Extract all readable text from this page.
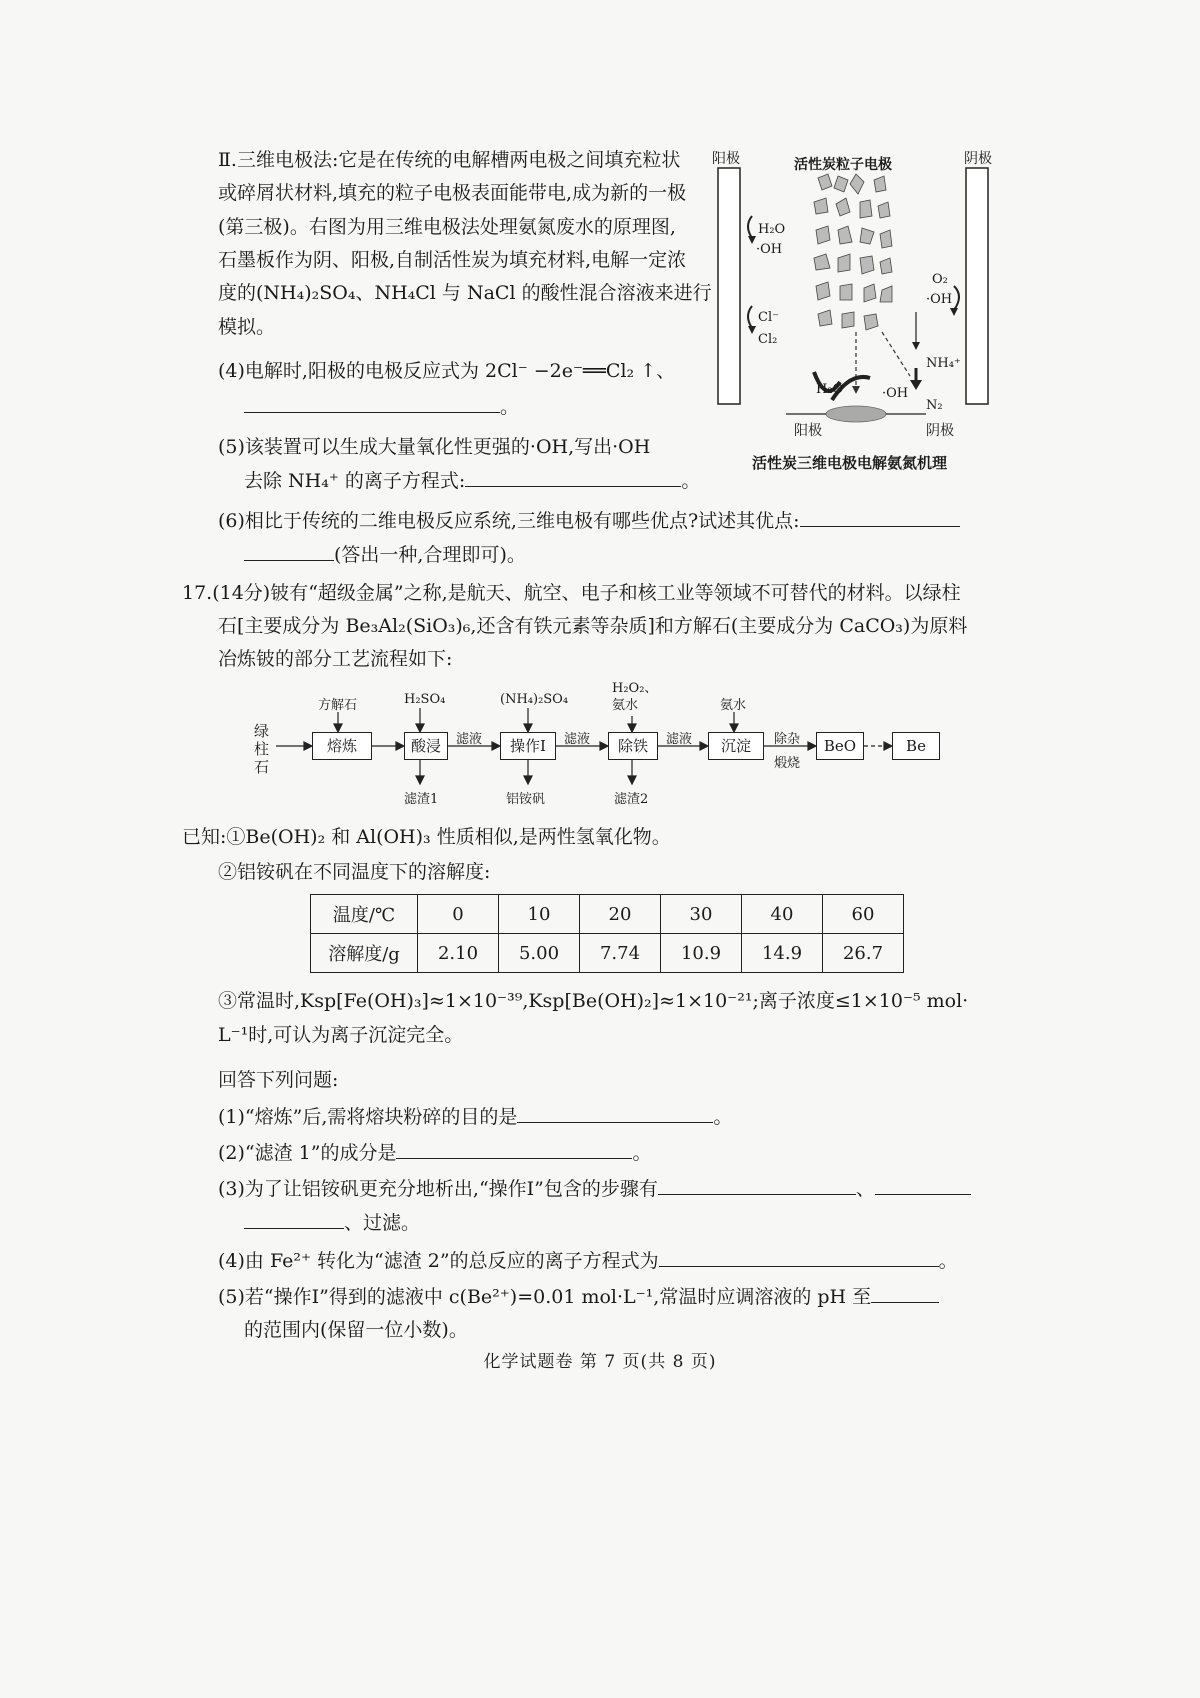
Ⅱ.三维电极法:它是在传统的电解槽两电极之间填充粒状
或碎屑状材料,填充的粒子电极表面能带电,成为新的一极
(第三极)。右图为用三维电极法处理氨氮废水的原理图,
石墨板作为阴、阳极,自制活性炭为填充材料,电解一定浓
度的(NH₄)₂SO₄、NH₄Cl 与 NaCl 的酸性混合溶液来进行
模拟。
(4)电解时,阳极的电极反应式为 2Cl⁻ −2e⁻══Cl₂ ↑、
。
(5)该装置可以生成大量氧化性更强的·OH,写出·OH
去除 NH₄⁺ 的离子方程式:	。
(6)相比于传统的二维电极反应系统,三维电极有哪些优点?试述其优点:
(答出一种,合理即可)。
阳极	阴极
活性炭粒子电极
H₂O
·OH
Cl⁻
Cl₂
O₂
·OH
NH₄⁺
N₂
H₂O	·OH
阳极	阴极
活性炭三维电极电解氨氮机理
17.(14分)铍有“超级金属”之称,是航天、航空、电子和核工业等领域不可替代的材料。以绿柱
石[主要成分为 Be₃Al₂(SiO₃)₆,还含有铁元素等杂质]和方解石(主要成分为 CaCO₃)为原料
冶炼铍的部分工艺流程如下:
绿柱石
熔炼	酸浸	操作Ⅰ	除铁	沉淀	BeO	Be
方解石	H₂SO₄	(NH₄)₂SO₄
H₂O₂、氨水	氨水
滤液	滤液	滤液	除杂
煅烧
滤渣1	铝铵矾	滤渣2
已知:①Be(OH)₂ 和 Al(OH)₃ 性质相似,是两性氢氧化物。
②铝铵矾在不同温度下的溶解度:
温度/℃	0	10	20	30	40	60
溶解度/g	2.10	5.00	7.74	10.9	14.9	26.7
③常温时,Ksp[Fe(OH)₃]≈1×10⁻³⁹,Ksp[Be(OH)₂]≈1×10⁻²¹;离子浓度≤1×10⁻⁵ mol·
L⁻¹时,可认为离子沉淀完全。
回答下列问题:
(1)“熔炼”后,需将熔块粉碎的目的是	。
(2)“滤渣 1”的成分是	。
(3)为了让铝铵矾更充分地析出,“操作Ⅰ”包含的步骤有	、
、过滤。
(4)由 Fe²⁺ 转化为“滤渣 2”的总反应的离子方程式为	。
(5)若“操作Ⅰ”得到的滤液中 c(Be²⁺)=0.01 mol·L⁻¹,常温时应调溶液的 pH 至
的范围内(保留一位小数)。
化学试题卷 第 7 页(共 8 页)
